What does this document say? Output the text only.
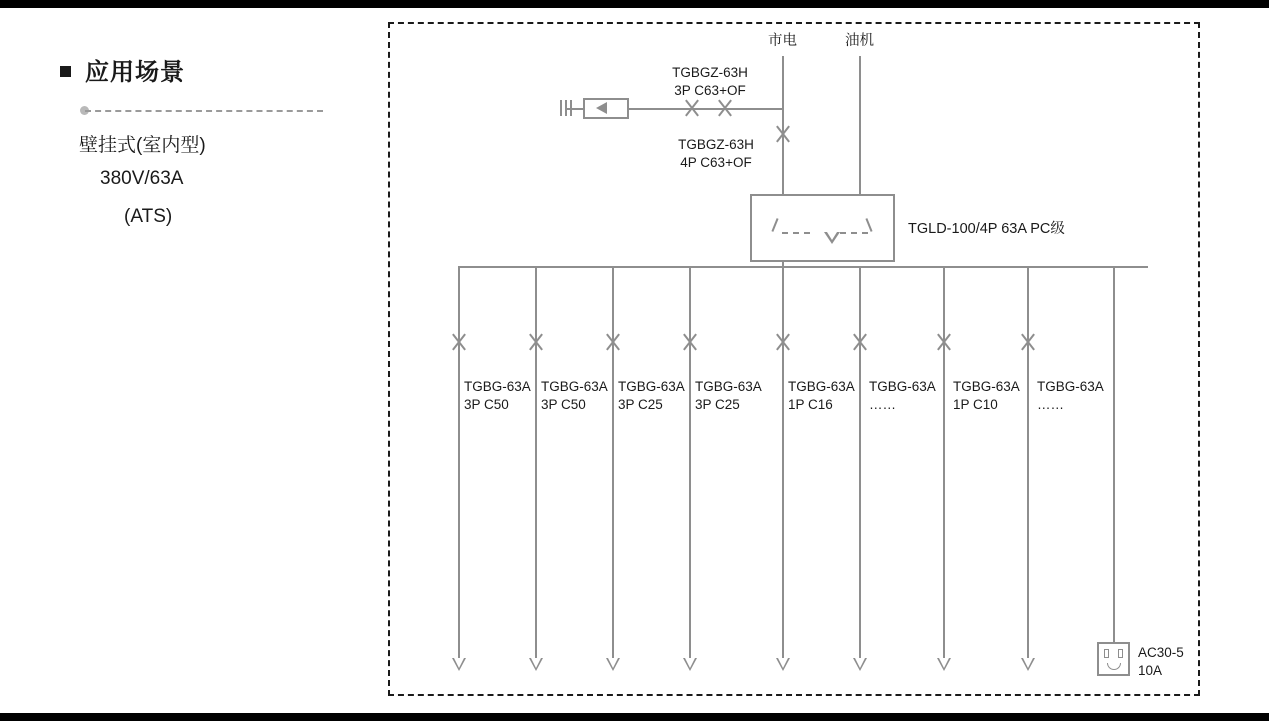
应用场景
壁挂式(室内型)
380V/63A
(ATS)
市电	油机
TGBGZ-63H
3P C63+OF
TGBGZ-63H
4P C63+OF
TGLD-100/4P 63A PC级
TGBG-63A
3P C50
TGBG-63A
3P C50
TGBG-63A
3P C25
TGBG-63A
3P C25
TGBG-63A
1P C16
TGBG-63A
……
TGBG-63A
1P C10
TGBG-63A
……
AC30-5
10A
